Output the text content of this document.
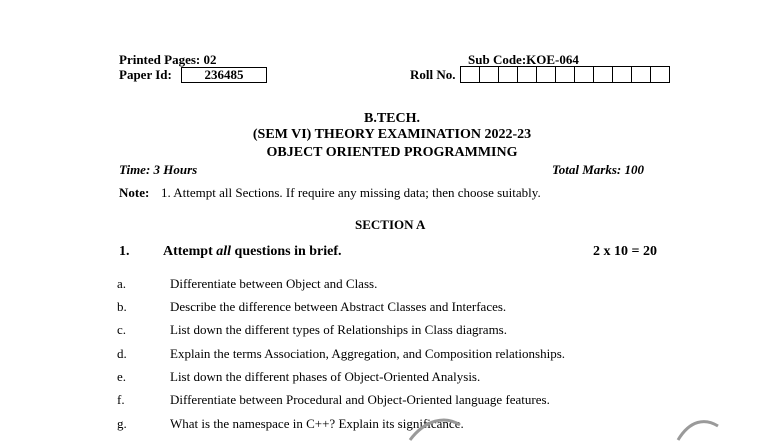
Printed Pages: 02	Sub Code:KOE-064
Paper Id:	236485	Roll No.
B.TECH.
(SEM VI) THEORY EXAMINATION 2022-23
OBJECT ORIENTED PROGRAMMING
Time: 3 Hours	Total Marks: 100
Note: 1. Attempt all Sections. If require any missing data; then choose suitably.
SECTION A
1. Attempt all questions in brief.	2 x 10 = 20
a.	Differentiate between Object and Class.
b.	Describe the difference between Abstract Classes and Interfaces.
c.	List down the different types of Relationships in Class diagrams.
d.	Explain the terms Association, Aggregation, and Composition relationships.
e.	List down the different phases of Object-Oriented Analysis.
f.	Differentiate between Procedural and Object-Oriented language features.
g.	What is the namespace in C++? Explain its significance.
